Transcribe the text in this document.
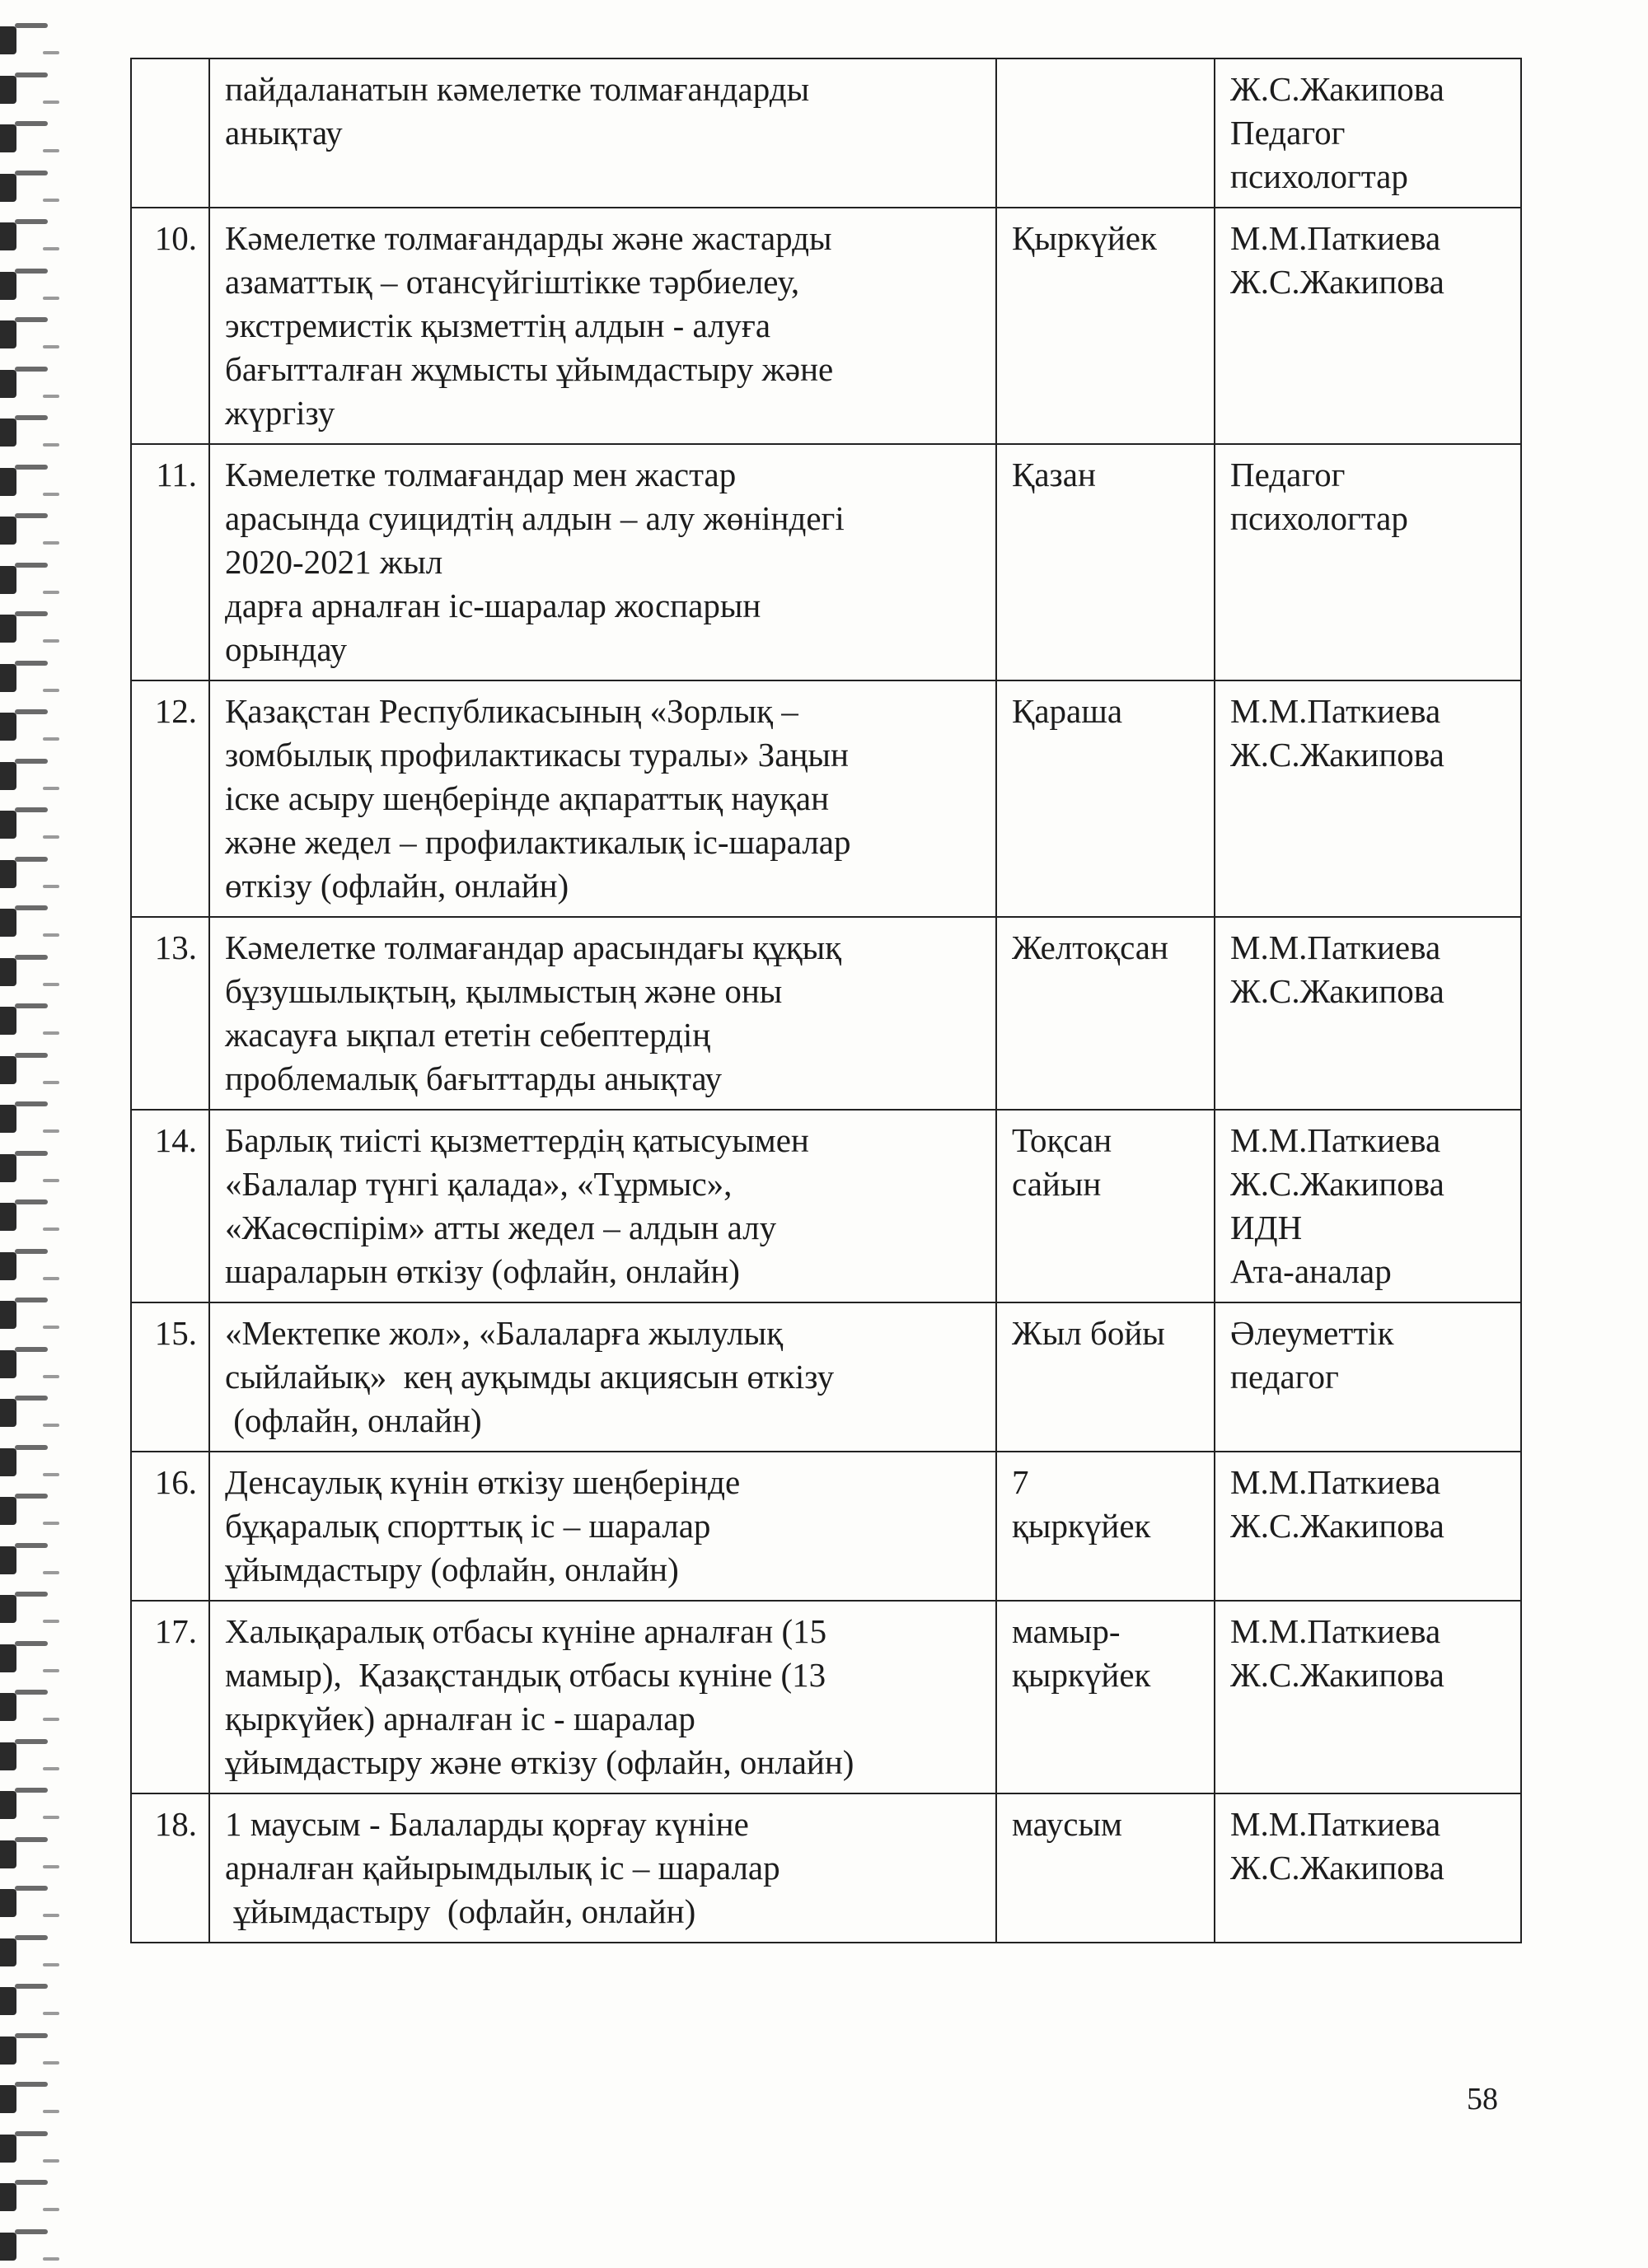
	пайдаланатын кәмелетке толмағандарды
анықтау		Ж.С.Жакипова
Педагог
психологтар

10.	Кәмелетке толмағандарды және жастарды
азаматтық – отансүйгіштікке тәрбиелеу,
экстремистік қызметтің алдын - алуға
бағытталған жұмысты ұйымдастыру және
жүргізу	Қыркүйек	М.М.Паткиева
Ж.С.Жакипова

11.	Кәмелетке толмағандар мен жастар
арасында суицидтің алдын – алу жөніндегі
2020-2021 жыл
дарға арналған іс-шаралар жоспарын
орындау	Қазан	Педагог
психологтар

12.	Қазақстан Республикасының «Зорлық –
зомбылық профилактикасы туралы» Заңын
іске асыру шеңберінде ақпараттық науқан
және жедел – профилактикалық іс-шаралар
өткізу (офлайн, онлайн)	Қараша	М.М.Паткиева
Ж.С.Жакипова

13.	Кәмелетке толмағандар арасындағы құқық
бұзушылықтың, қылмыстың және оны
жасауға ықпал ететін себептердің
проблемалық бағыттарды анықтау	Желтоқсан	М.М.Паткиева
Ж.С.Жакипова

14.	Барлық тиісті қызметтердің қатысуымен
«Балалар түнгі қалада», «Тұрмыс»,
«Жасөспірім» атты жедел – алдын алу
шараларын өткізу (офлайн, онлайн)	Тоқсан
сайын	М.М.Паткиева
Ж.С.Жакипова
ИДН
Ата-аналар

15.	«Мектепке жол», «Балаларға жылулық
сыйлайық»  кең ауқымды акциясын өткізу
(офлайн, онлайн)	Жыл бойы	Әлеуметтік
педагог

16.	Денсаулық күнін өткізу шеңберінде
бұқаралық спорттық іс – шаралар
ұйымдастыру (офлайн, онлайн)	7
қыркүйек	М.М.Паткиева
Ж.С.Жакипова

17.	Халықаралық отбасы күніне арналған (15
мамыр),  Қазақстандық отбасы күніне (13
қыркүйек) арналған іс - шаралар
ұйымдастыру және өткізу (офлайн, онлайн)	мамыр-
қыркүйек	М.М.Паткиева
Ж.С.Жакипова

18.	1 маусым - Балаларды қорғау күніне
арналған қайырымдылық іс – шаралар
ұйымдастыру  (офлайн, онлайн)	маусым	М.М.Паткиева
Ж.С.Жакипова
58
